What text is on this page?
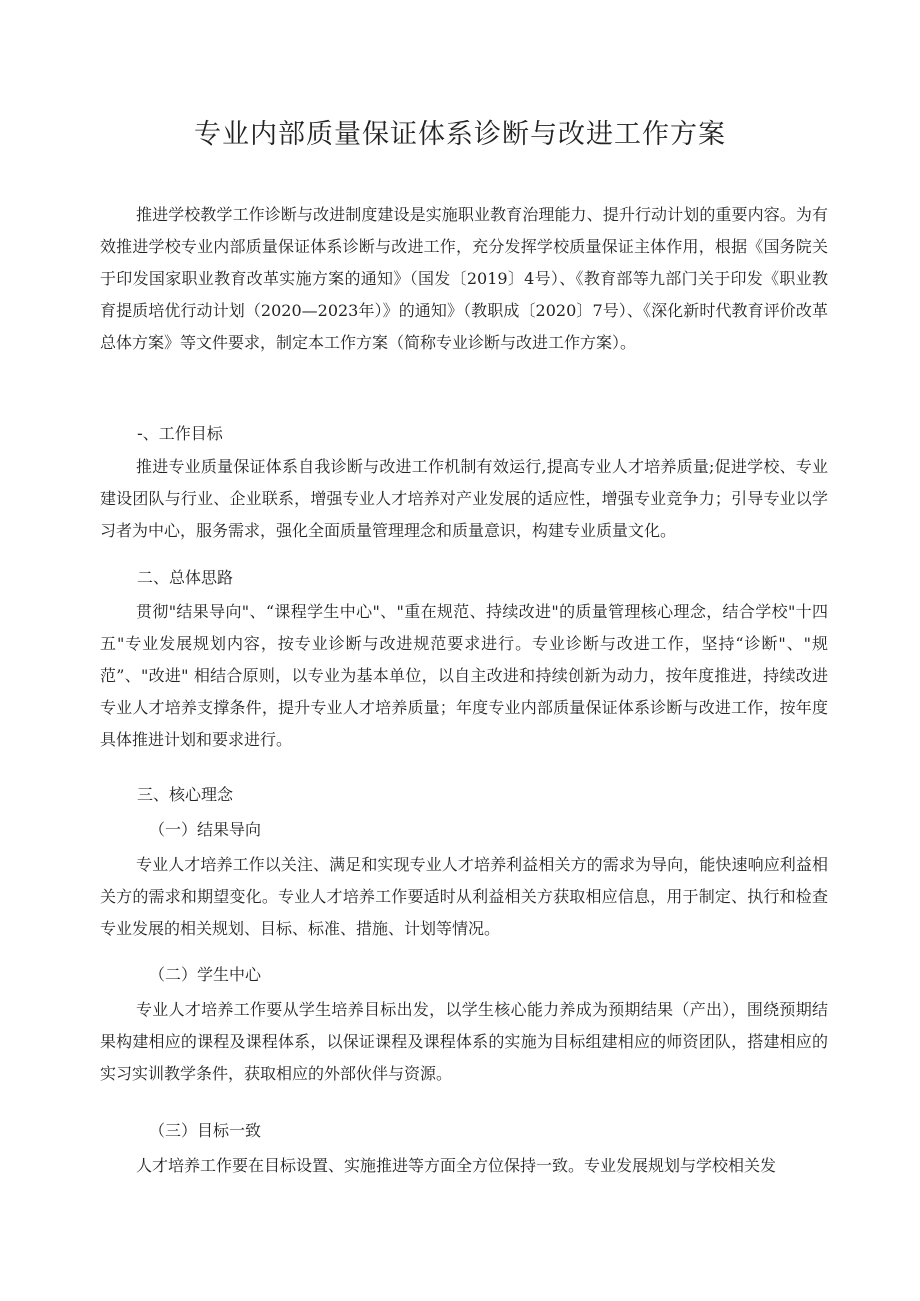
专业内部质量保证体系诊断与改进工作方案

推进学校教学工作诊断与改进制度建设是实施职业教育治理能力、提升行动计划的重要内容。为有效推进学校专业内部质量保证体系诊断与改进工作，充分发挥学校质量保证主体作用，根据《国务院关于印发国家职业教育改革实施方案的通知》（国发〔2019〕4号）、《教育部等九部门关于印发《职业教育提质培优行动计划（2020—2023年）》的通知》（教职成〔2020〕7号）、《深化新时代教育评价改革总体方案》等文件要求，制定本工作方案（简称专业诊断与改进工作方案）。

-、工作目标

推进专业质量保证体系自我诊断与改进工作机制有效运行,提高专业人才培养质量;促进学校、专业建设团队与行业、企业联系，增强专业人才培养对产业发展的适应性，增强专业竞争力；引导专业以学习者为中心，服务需求，强化全面质量管理理念和质量意识，构建专业质量文化。

二、总体思路

贯彻"结果导向"、“课程学生中心"、"重在规范、持续改进"的质量管理核心理念，结合学校"十四五"专业发展规划内容，按专业诊断与改进规范要求进行。专业诊断与改进工作，坚持“诊断"、"规范”、"改进" 相结合原则，以专业为基本单位，以自主改进和持续创新为动力，按年度推进，持续改进专业人才培养支撑条件，提升专业人才培养质量；年度专业内部质量保证体系诊断与改进工作，按年度具体推进计划和要求进行。

三、核心理念
（一）结果导向

专业人才培养工作以关注、满足和实现专业人才培养利益相关方的需求为导向，能快速响应利益相关方的需求和期望变化。专业人才培养工作要适时从利益相关方获取相应信息，用于制定、执行和检查专业发展的相关规划、目标、标准、措施、计划等情况。

（二）学生中心

专业人才培养工作要从学生培养目标出发，以学生核心能力养成为预期结果（产出），围绕预期结果构建相应的课程及课程体系，以保证课程及课程体系的实施为目标组建相应的师资团队，搭建相应的实习实训教学条件，获取相应的外部伙伴与资源。

（三）目标一致

人才培养工作要在目标设置、实施推进等方面全方位保持一致。专业发展规划与学校相关发
